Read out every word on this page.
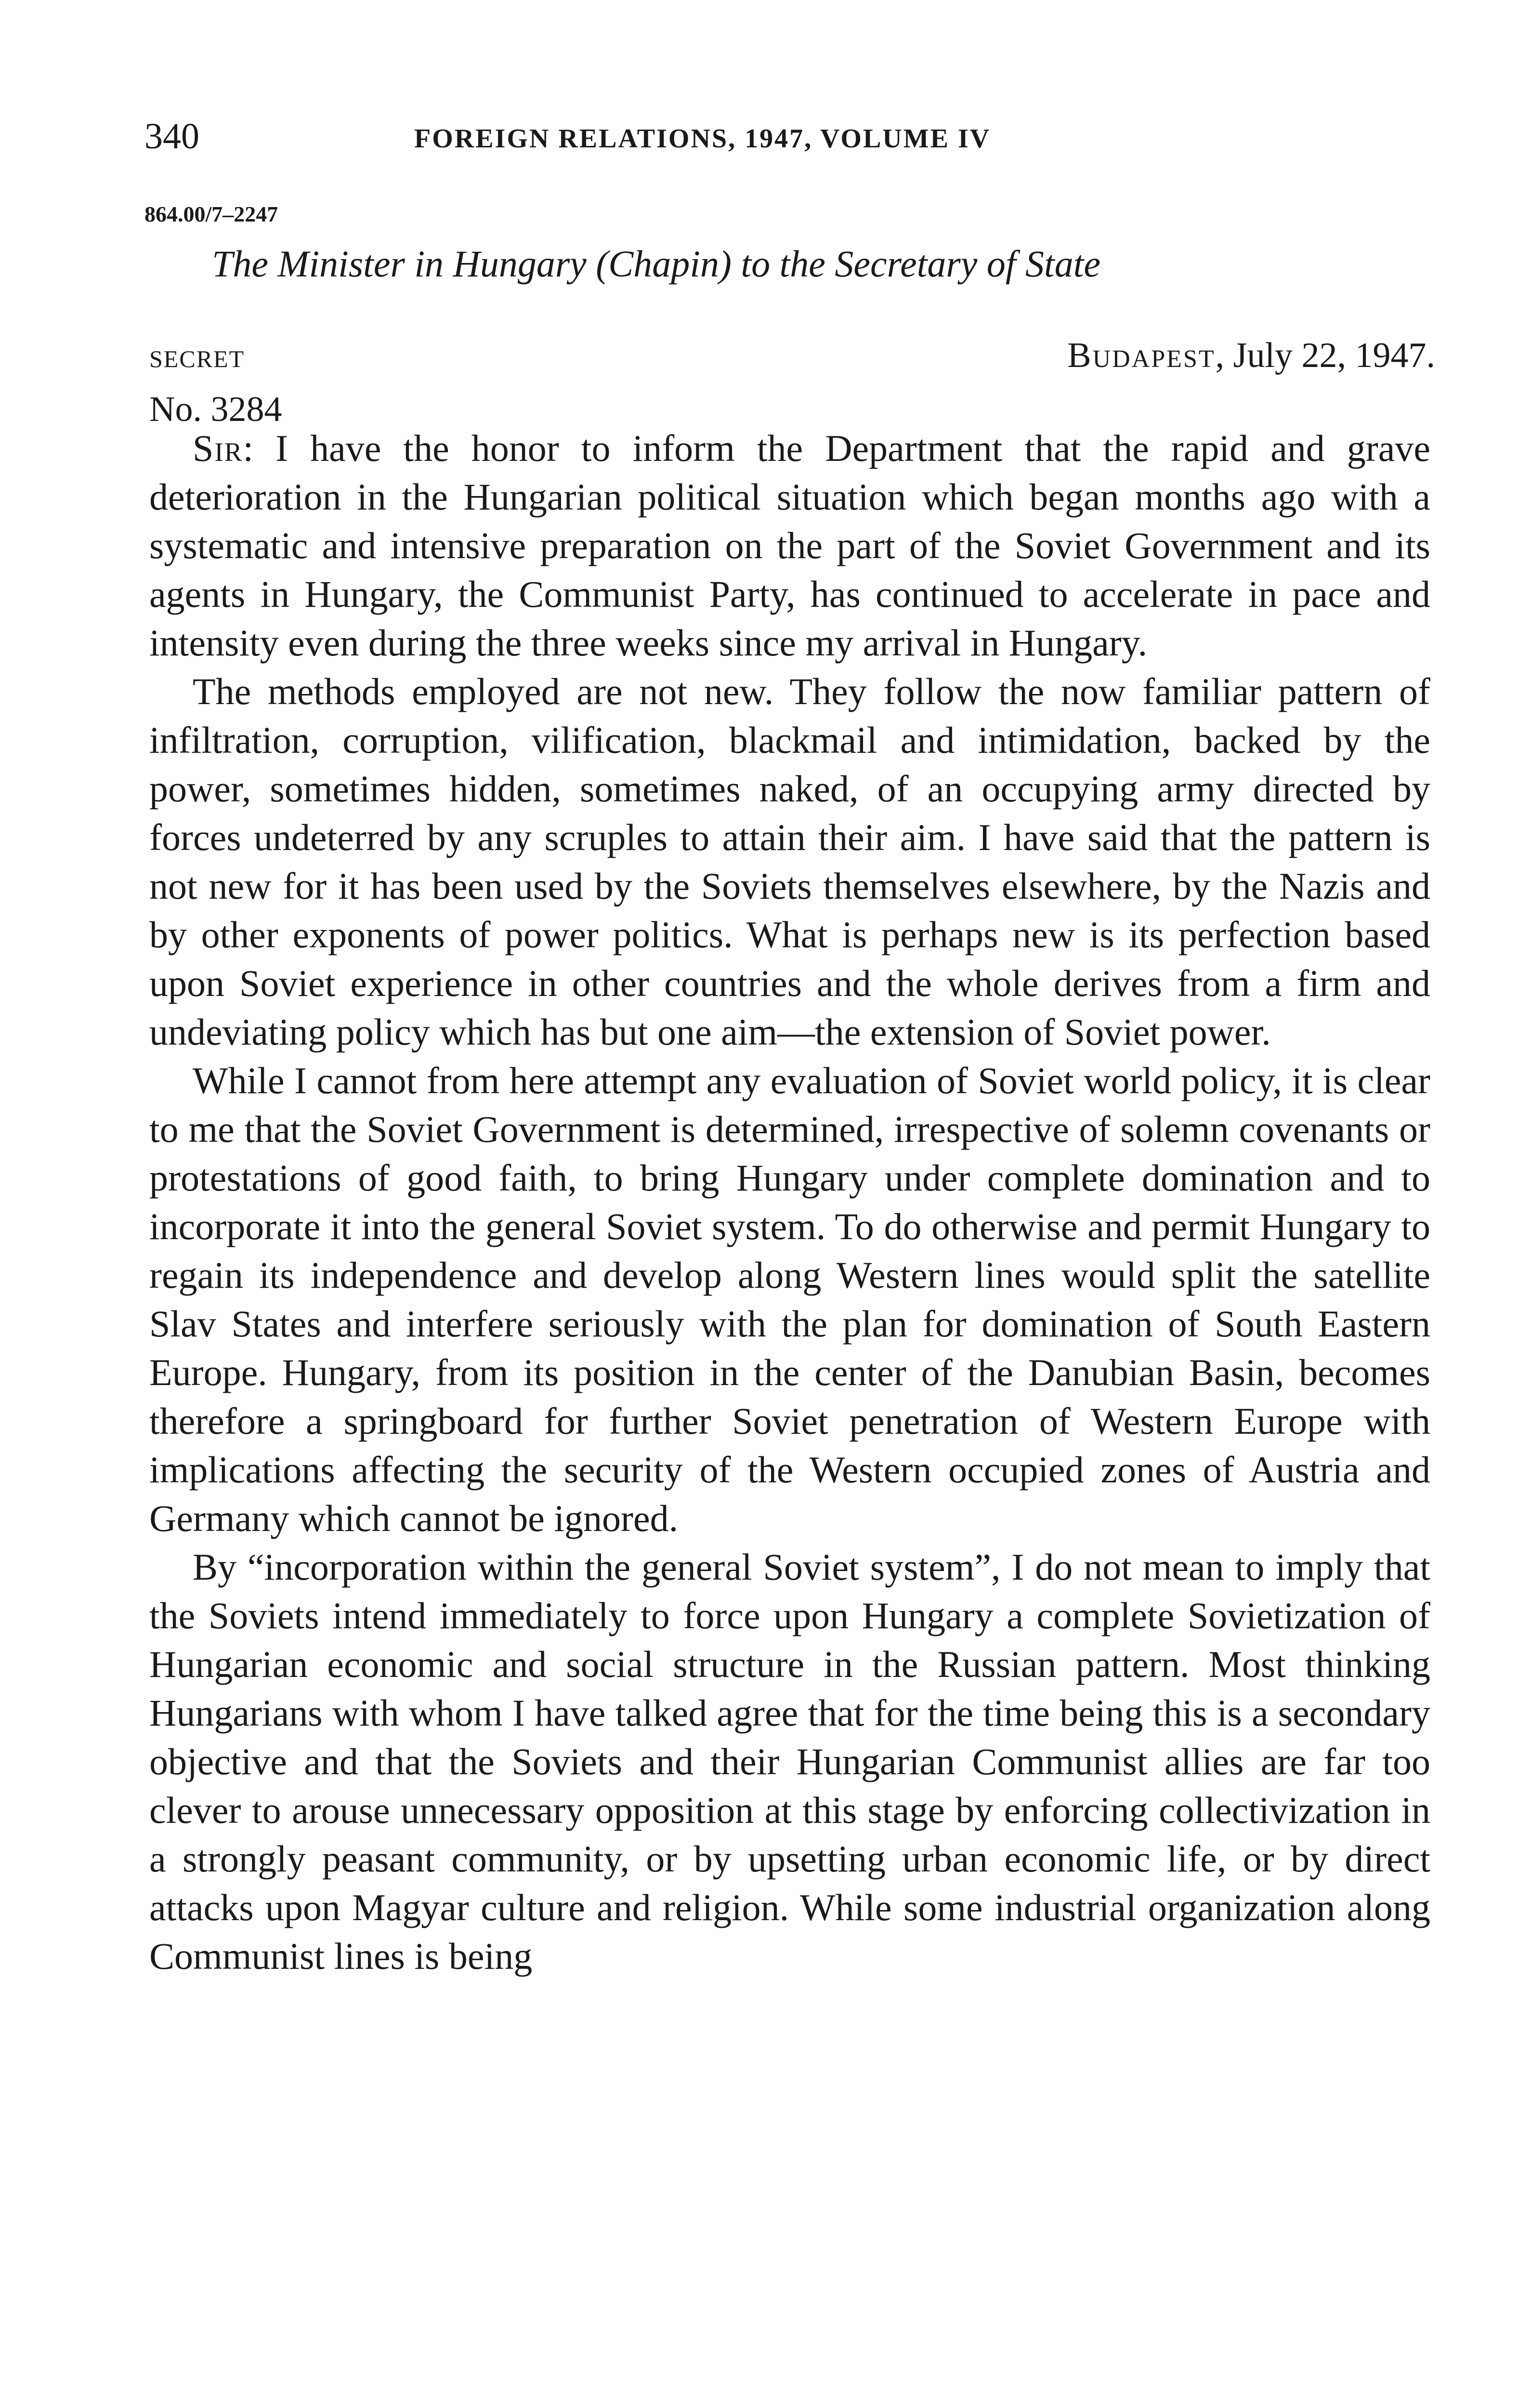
340	FOREIGN RELATIONS, 1947, VOLUME IV
864.00/7–2247
The Minister in Hungary (Chapin) to the Secretary of State
SECRET	Budapest, July 22, 1947.
No. 3284

Sir: I have the honor to inform the Department that the rapid and grave deterioration in the Hungarian political situation which began months ago with a systematic and intensive preparation on the part of the Soviet Government and its agents in Hungary, the Communist Party, has continued to accelerate in pace and intensity even during the three weeks since my arrival in Hungary.

The methods employed are not new. They follow the now familiar pattern of infiltration, corruption, vilification, blackmail and intimidation, backed by the power, sometimes hidden, sometimes naked, of an occupying army directed by forces undeterred by any scruples to attain their aim. I have said that the pattern is not new for it has been used by the Soviets themselves elsewhere, by the Nazis and by other exponents of power politics. What is perhaps new is its perfection based upon Soviet experience in other countries and the whole derives from a firm and undeviating policy which has but one aim—the extension of Soviet power.

While I cannot from here attempt any evaluation of Soviet world policy, it is clear to me that the Soviet Government is determined, irrespective of solemn covenants or protestations of good faith, to bring Hungary under complete domination and to incorporate it into the general Soviet system. To do otherwise and permit Hungary to regain its independence and develop along Western lines would split the satellite Slav States and interfere seriously with the plan for domination of South Eastern Europe. Hungary, from its position in the center of the Danubian Basin, becomes therefore a springboard for further Soviet penetration of Western Europe with implications affecting the security of the Western occupied zones of Austria and Germany which cannot be ignored.

By “incorporation within the general Soviet system”, I do not mean to imply that the Soviets intend immediately to force upon Hungary a complete Sovietization of Hungarian economic and social structure in the Russian pattern. Most thinking Hungarians with whom I have talked agree that for the time being this is a secondary objective and that the Soviets and their Hungarian Communist allies are far too clever to arouse unnecessary opposition at this stage by enforcing collectivization in a strongly peasant community, or by upsetting urban economic life, or by direct attacks upon Magyar culture and religion. While some industrial organization along Communist lines is being
